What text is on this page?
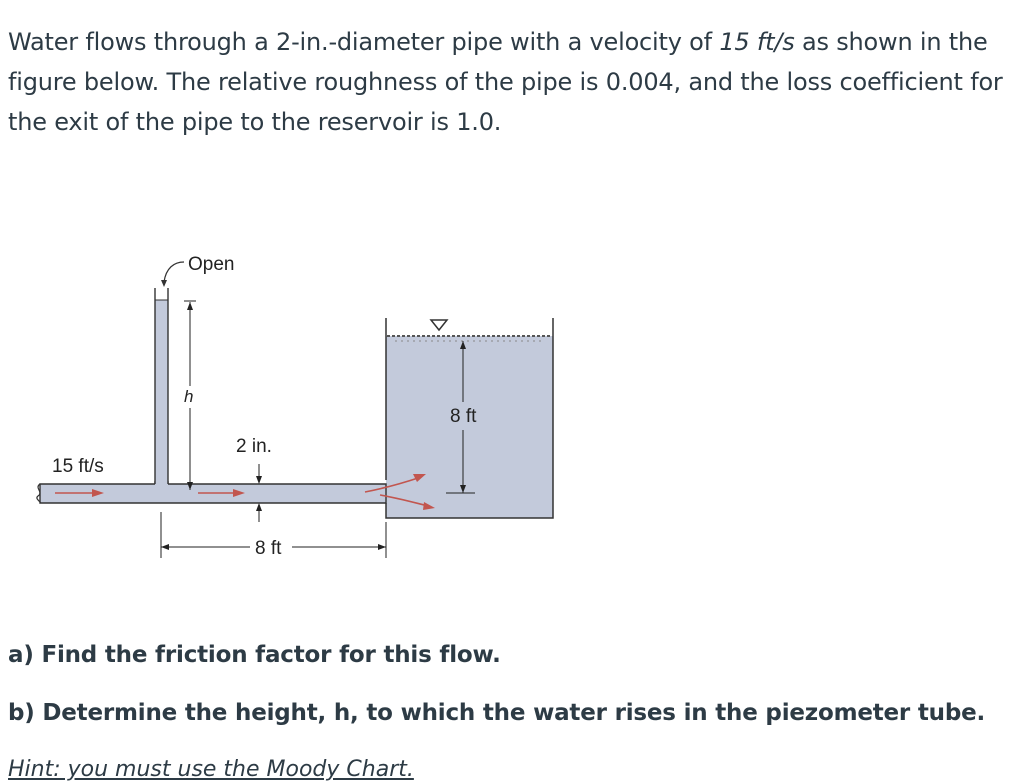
Water flows through a 2-in.-diameter pipe with a velocity of 15 ft/s as shown in the figure below. The relative roughness of the pipe is 0.004, and the loss coefficient for the exit of the pipe to the reservoir is 1.0.

Open
h
2 in.
15 ft/s
8 ft
8 ft

a) Find the friction factor for this flow.

b) Determine the height, h, to which the water rises in the piezometer tube.

Hint: you must use the Moody Chart.
